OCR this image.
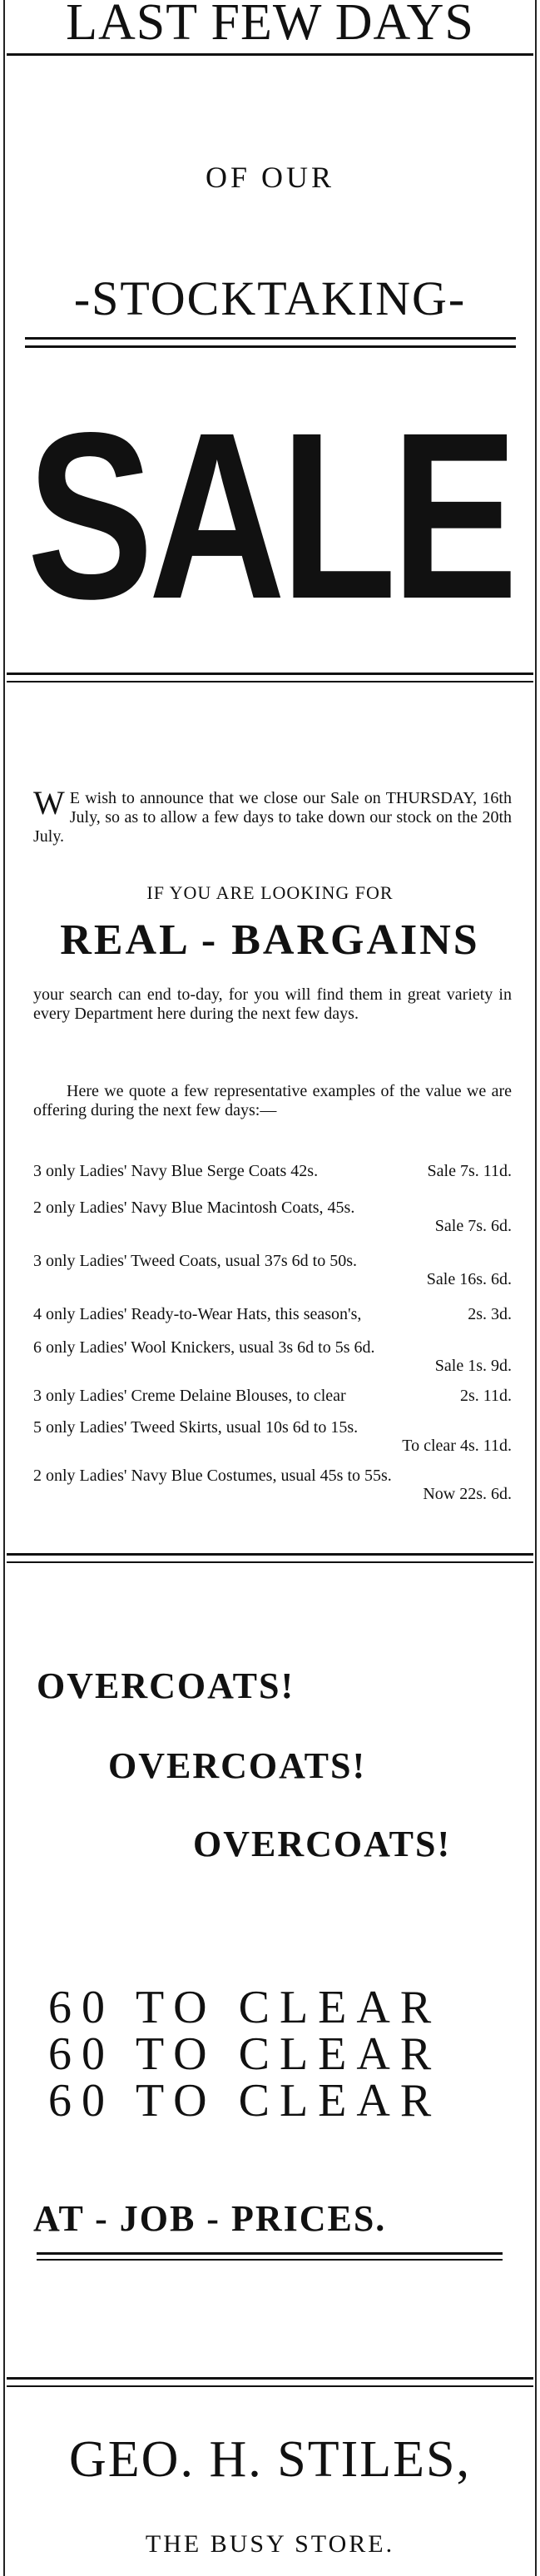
LAST FEW DAYS
OF OUR
-STOCKTAKING-
SALE
W E wish to announce that we close our Sale on THURSDAY, 16th July, so as to allow a few days to take down our stock on the 20th July.
IF YOU ARE LOOKING FOR
REAL - BARGAINS
your search can end to-day, for you will find them in great variety in every Department here during the next few days.
Here we quote a few representative examples of the value we are offering during the next few days:—
Sale 7s. 11d.
3 only Ladies' Navy Blue Serge Coats 42s.
2 only Ladies' Navy Blue Macintosh Coats, 45s.
Sale 7s. 6d.
3 only Ladies' Tweed Coats, usual 37s 6d to 50s.
Sale 16s. 6d.
2s. 3d.
4 only Ladies' Ready-to-Wear Hats, this season's,
6 only Ladies' Wool Knickers, usual 3s 6d to 5s 6d.
Sale 1s. 9d.
2s. 11d.
3 only Ladies' Creme Delaine Blouses, to clear
5 only Ladies' Tweed Skirts, usual 10s 6d to 15s.
To clear 4s. 11d.
2 only Ladies' Navy Blue Costumes, usual 45s to 55s.
Now 22s. 6d.
OVERCOATS!
OVERCOATS!
OVERCOATS!
60 TO CLEAR
60 TO CLEAR
60 TO CLEAR
AT - JOB - PRICES.
GEO. H. STILES,
THE BUSY STORE.
